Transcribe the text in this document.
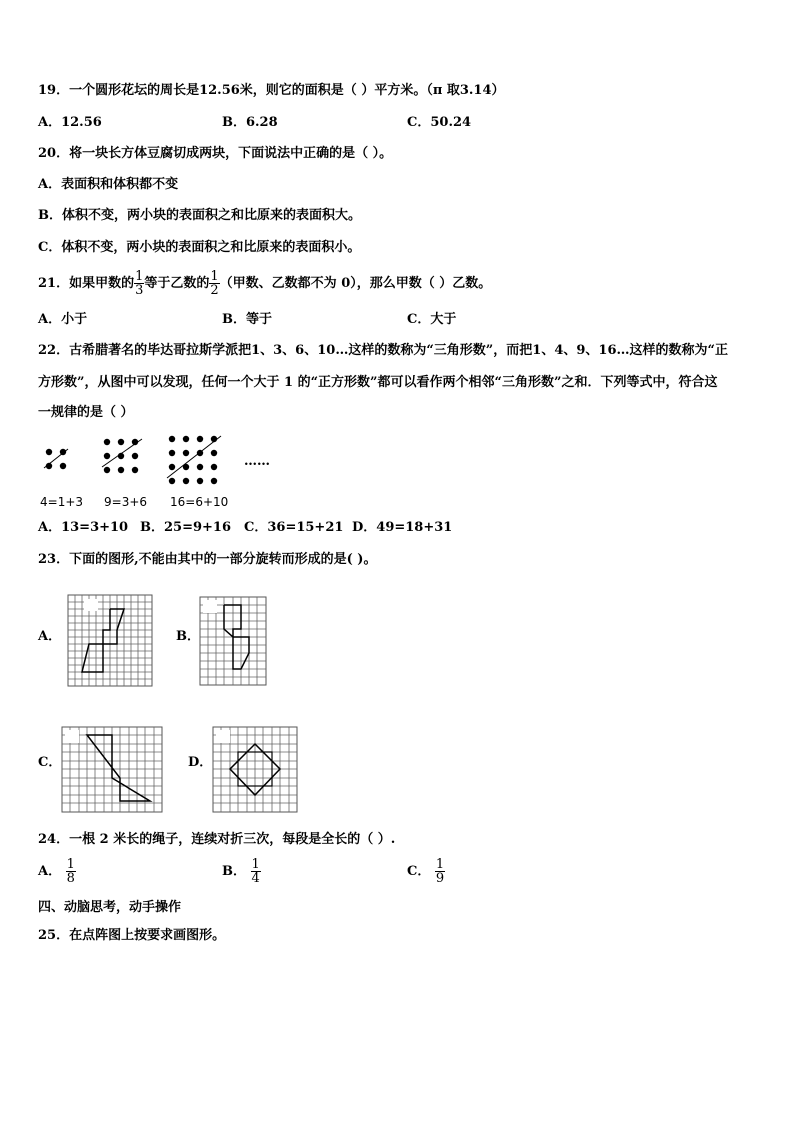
19．一个圆形花坛的周长是12.56米，则它的面积是（ ）平方米。（π 取3.14）
A．12.56	B．6.28	C．50.24
20．将一块长方体豆腐切成两块，下面说法中正确的是（ ）。
A．表面积和体积都不变
B．体积不变，两小块的表面积之和比原来的表面积大。
C．体积不变，两小块的表面积之和比原来的表面积小。
21．如果甲数的 $\frac{1}{3}$ 等于乙数的 $\frac{1}{2}$ （甲数、乙数都不为 0），那么甲数（ ）乙数。
A．小于	B．等于	C．大于
22．古希腊著名的毕达哥拉斯学派把1、3、6、10…这样的数称为“三角形数”，而把1、4、9、16…这样的数称为“正
方形数”，从图中可以发现，任何一个大于 1 的“正方形数”都可以看作两个相邻“三角形数”之和．下列等式中，符合这
一规律的是（ ）
……
4=1+3 9=3+6 16=6+10
A．13=3+10 B．25=9+16 C．36=15+21 D．49=18+31
23．下面的图形,不能由其中的一部分旋转而形成的是( )。
A．	B．
C．	D．
24．一根 2 米长的绳子，连续对折三次，每段是全长的（ ）.
A． $\frac{1}{8}$	B． $\frac{1}{4}$	C． $\frac{1}{9}$
四、动脑思考，动手操作
25．在点阵图上按要求画图形。
